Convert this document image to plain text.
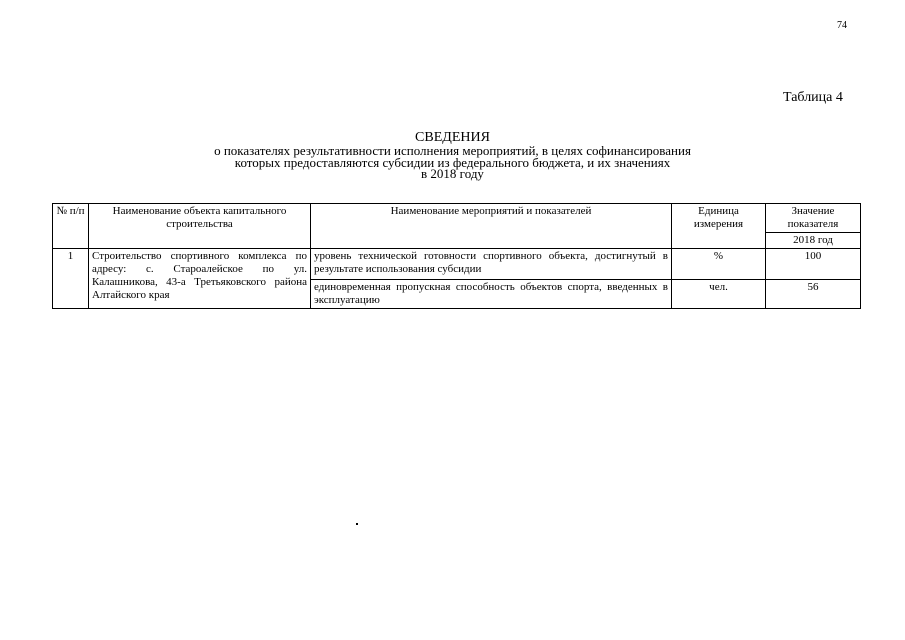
74
Таблица 4
СВЕДЕНИЯ
о показателях результативности исполнения мероприятий, в целях софинансирования
которых предоставляются субсидии из федерального бюджета, и их значениях
в 2018 году
№ п/п	Наименование объекта капитального строительства	Наименование мероприятий и показателей	Единица измерения	Значение показателя
				2018 год
1	Строительство спортивного комплекса по адресу: с. Староалейское по ул. Калашникова, 43-а Третьяковского района Алтайского края	уровень технической готовности спортивного объекта, достигнутый в результате использования субсидии	%	100
		единовременная пропускная способность объектов спорта, введенных в эксплуатацию	чел.	56
